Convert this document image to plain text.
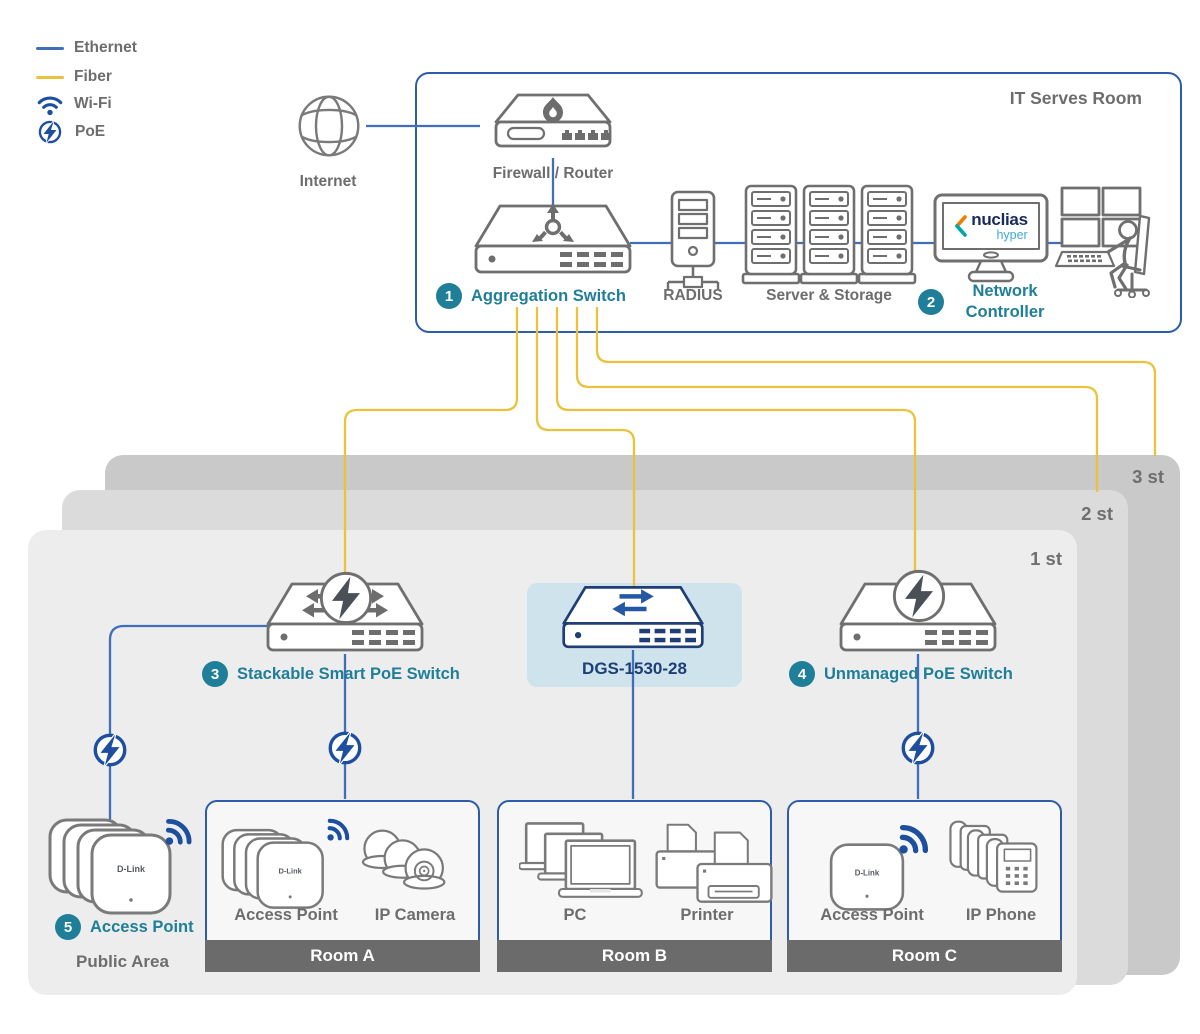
3 st
2 st
1 st
IT Serves Room
Ethernet
Fiber
Wi-Fi
PoE
Internet	Firewall / Router
1	Aggregation Switch	RADIUS	Server & Storage
nuclias
hyper
2
Network Controller
3	Stackable Smart PoE Switch	DGS-1530-28	4	Unmanaged PoE Switch
D-Link
5	Access Point
Public Area
D-Link
Access Point	IP Camera
Room A
PC	Printer
Room B
D-Link
Access Point	IP Phone
Room C
